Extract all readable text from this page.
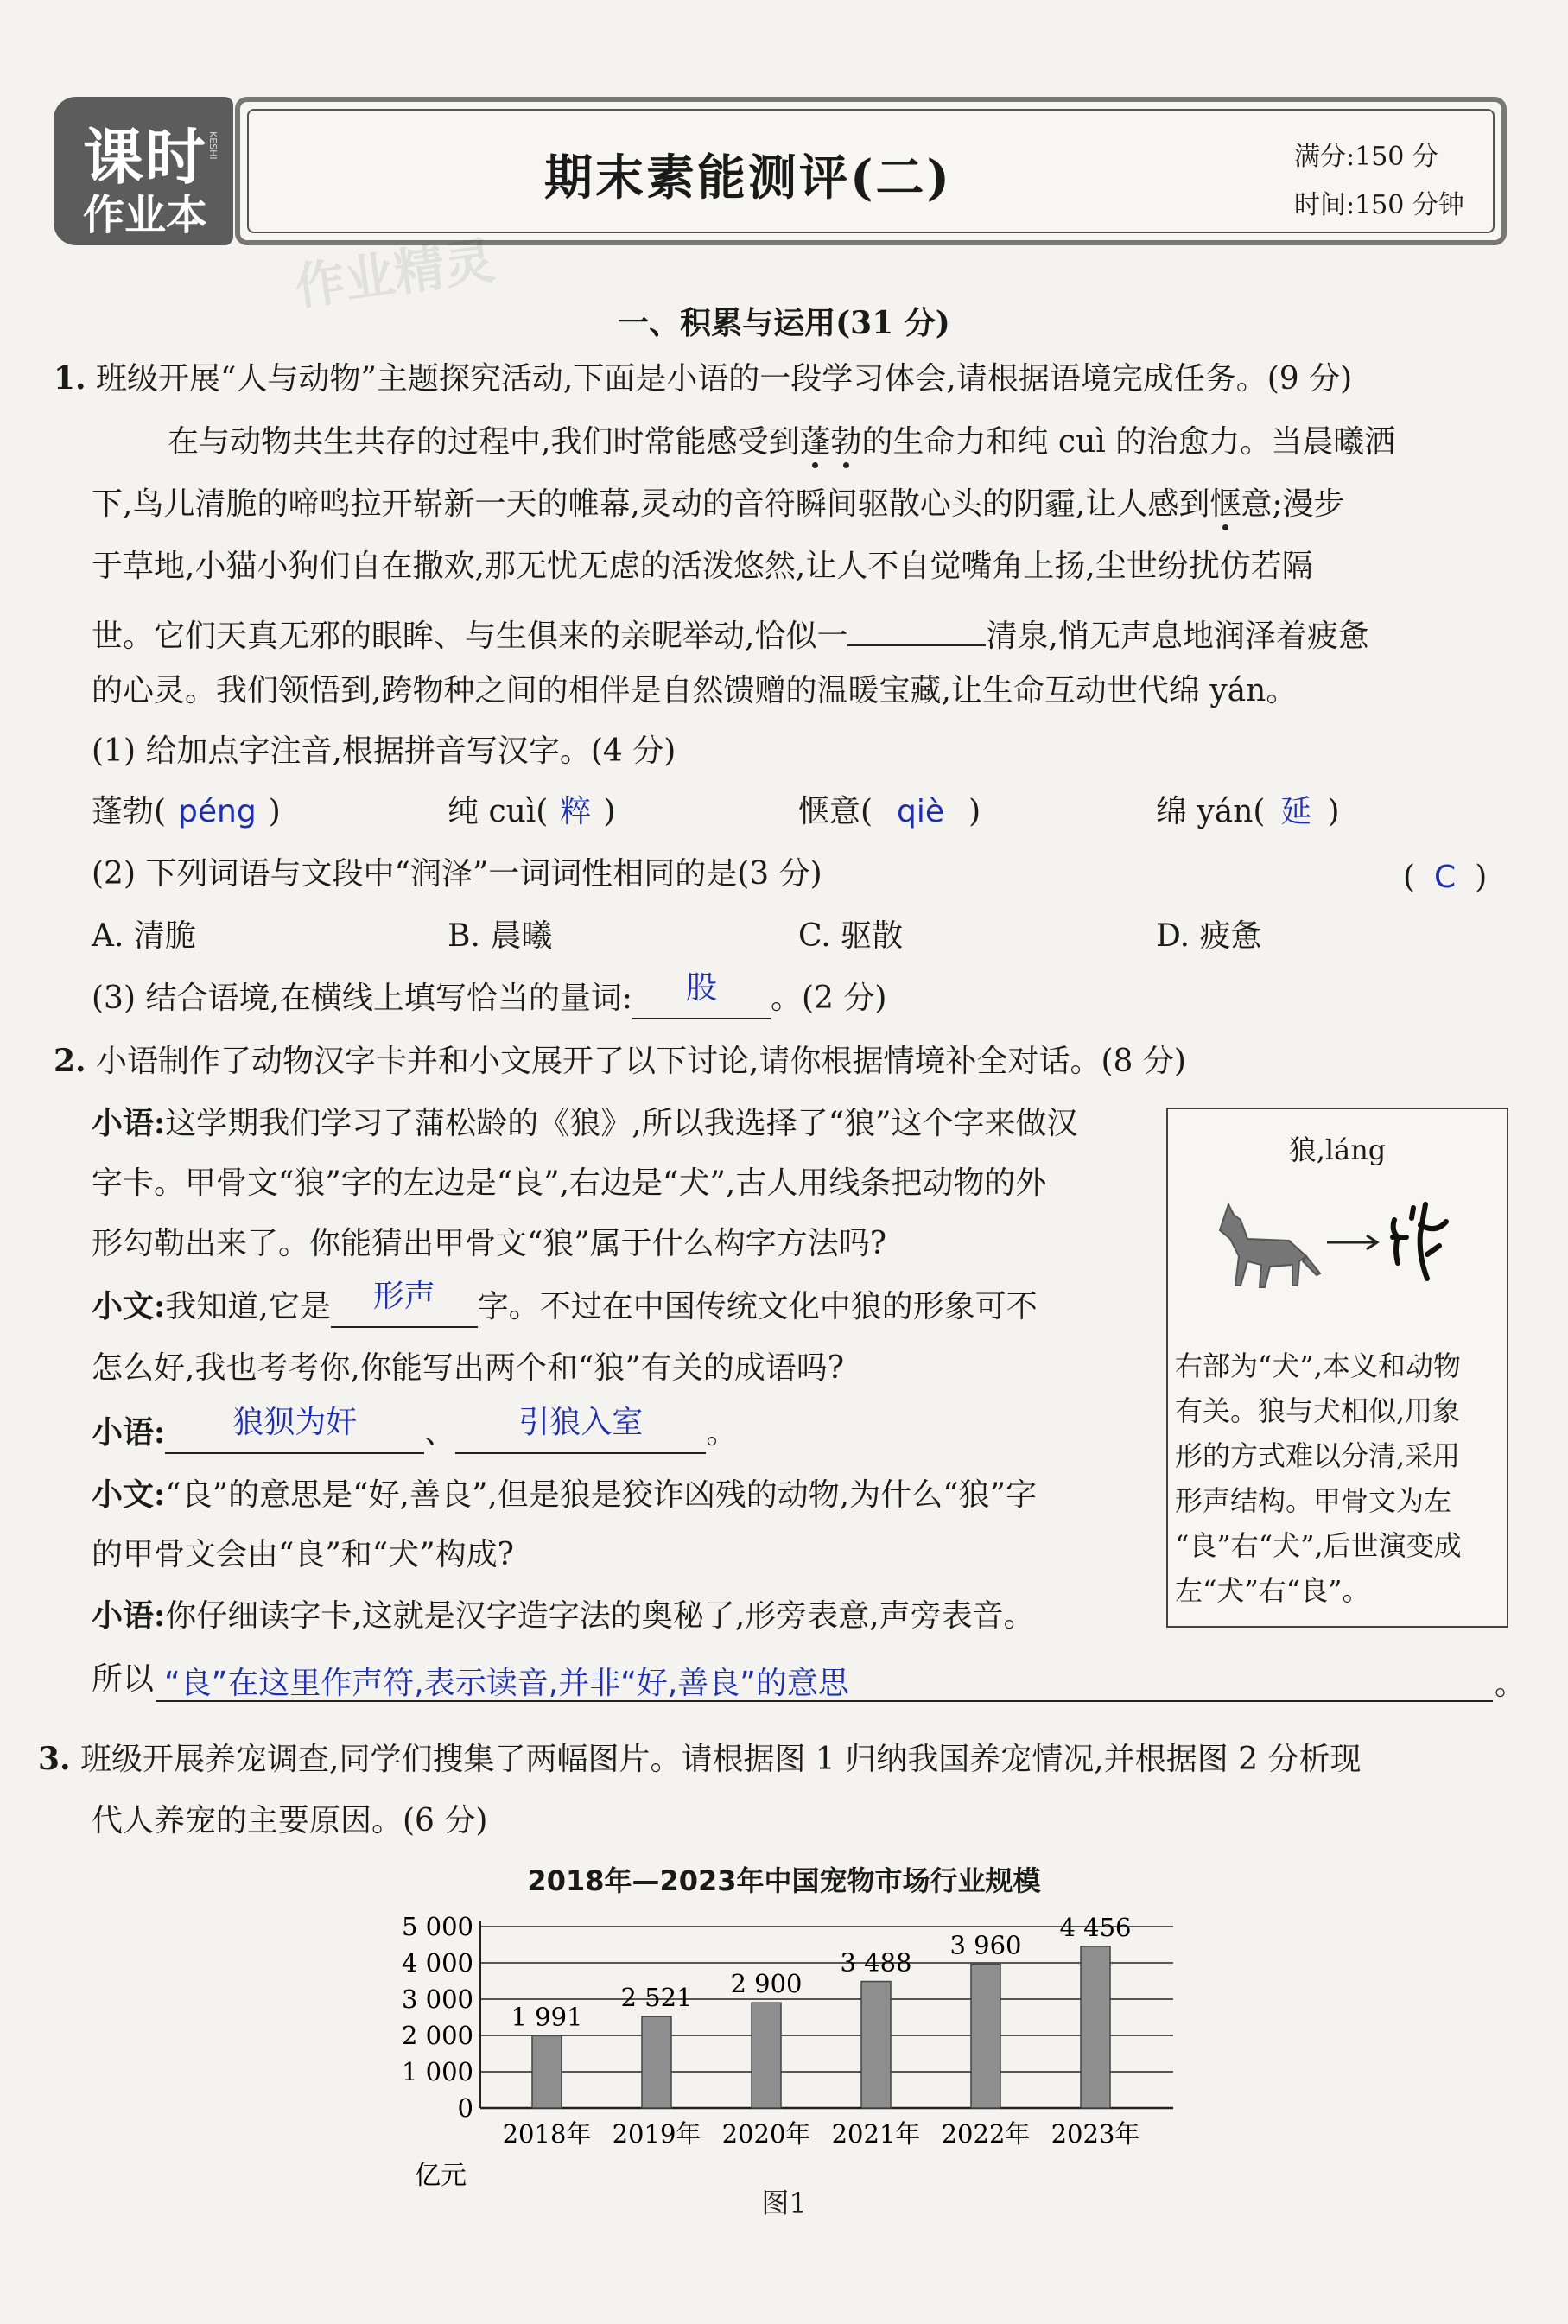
课时
作业本
KESHI
期末素能测评(二)	满分:150 分
时间:150 分钟
作业精灵
一、积累与运用(31 分)
1. 班级开展“人与动物”主题探究活动,下面是小语的一段学习体会,请根据语境完成任务。(9 分)
在与动物共生共存的过程中,我们时常能感受到蓬勃的生命力和纯 cuì 的治愈力。当晨曦洒
下,鸟儿清脆的啼鸣拉开崭新一天的帷幕,灵动的音符瞬间驱散心头的阴霾,让人感到惬意;漫步
于草地,小猫小狗们自在撒欢,那无忧无虑的活泼悠然,让人不自觉嘴角上扬,尘世纷扰仿若隔
世。它们天真无邪的眼眸、与生俱来的亲昵举动,恰似一	清泉,悄无声息地润泽着疲惫
的心灵。我们领悟到,跨物种之间的相伴是自然馈赠的温暖宝藏,让生命互动世代绵 yán。
(1) 给加点字注音,根据拼音写汉字。(4 分)
蓬勃( péng )	纯 cuì( 粹 )	惬意( qiè )	绵 yán( 延 )
(2) 下列词语与文段中“润泽”一词词性相同的是(3 分)	( C )
A. 清脆	B. 晨曦	C. 驱散	D. 疲惫
(3) 结合语境,在横线上填写恰当的量词: 股 。(2 分)
2. 小语制作了动物汉字卡并和小文展开了以下讨论,请你根据情境补全对话。(8 分)
小语:这学期我们学习了蒲松龄的《狼》,所以我选择了“狼”这个字来做汉
字卡。甲骨文“狼”字的左边是“良”,右边是“犬”,古人用线条把动物的外
形勾勒出来了。你能猜出甲骨文“狼”属于什么构字方法吗?
小文:我知道,它是 形声 字。不过在中国传统文化中狼的形象可不
怎么好,我也考考你,你能写出两个和“狼”有关的成语吗?
小语: 狼狈为奸 、 引狼入室 。
小文:“良”的意思是“好,善良”,但是狼是狡诈凶残的动物,为什么“狼”字
的甲骨文会由“良”和“犬”构成?
小语:你仔细读字卡,这就是汉字造字法的奥秘了,形旁表意,声旁表音。
所以 “良”在这里作声符,表示读音,并非“好,善良”的意思	。
狼,láng
右部为“犬”,本义和动物
有关。狼与犬相似,用象
形的方式难以分清,采用
形声结构。甲骨文为左
“良”右“犬”,后世演变成
左“犬”右“良”。
3. 班级开展养宠调查,同学们搜集了两幅图片。请根据图 1 归纳我国养宠情况,并根据图 2 分析现
代人养宠的主要原因。(6 分)
2018年—2023年中国宠物市场行业规模
0
1 000
2 000
3 000
4 000
5 000
1 991
2018年
2 521
2019年
2 900
2020年
3 488
2021年
3 960
2022年
4 456
2023年
亿元
图1
